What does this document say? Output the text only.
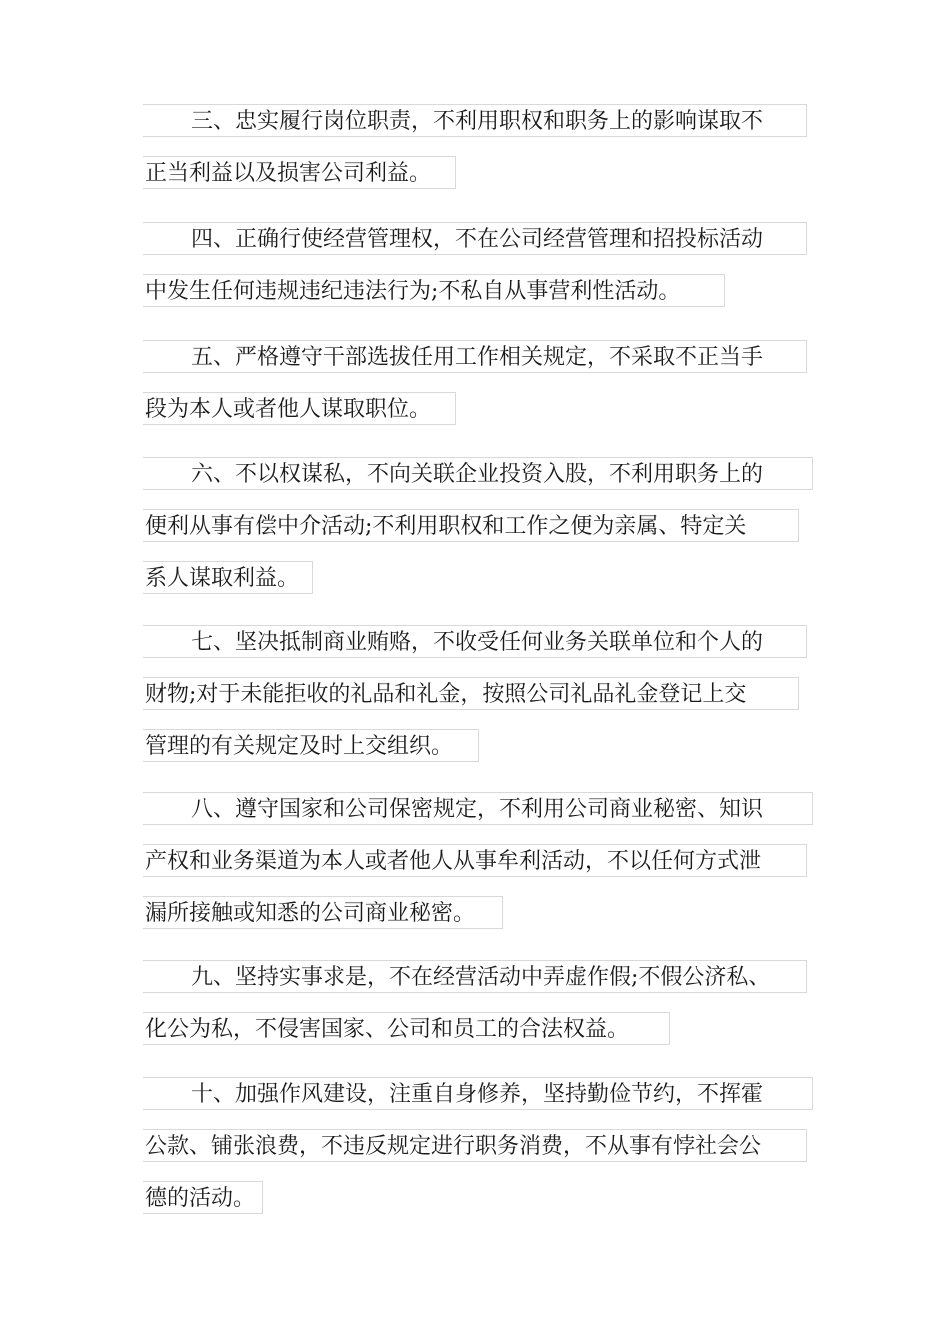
三、忠实履行岗位职责，不利用职权和职务上的影响谋取不
正当利益以及损害公司利益。
四、正确行使经营管理权，不在公司经营管理和招投标活动
中发生任何违规违纪违法行为;不私自从事营利性活动。
五、严格遵守干部选拔任用工作相关规定，不采取不正当手
段为本人或者他人谋取职位。
六、不以权谋私，不向关联企业投资入股，不利用职务上的
便利从事有偿中介活动;不利用职权和工作之便为亲属、特定关
系人谋取利益。
七、坚决抵制商业贿赂，不收受任何业务关联单位和个人的
财物;对于未能拒收的礼品和礼金，按照公司礼品礼金登记上交
管理的有关规定及时上交组织。
八、遵守国家和公司保密规定，不利用公司商业秘密、知识
产权和业务渠道为本人或者他人从事牟利活动，不以任何方式泄
漏所接触或知悉的公司商业秘密。
九、坚持实事求是，不在经营活动中弄虚作假;不假公济私、
化公为私，不侵害国家、公司和员工的合法权益。
十、加强作风建设，注重自身修养，坚持勤俭节约，不挥霍
公款、铺张浪费，不违反规定进行职务消费，不从事有悖社会公
德的活动。
